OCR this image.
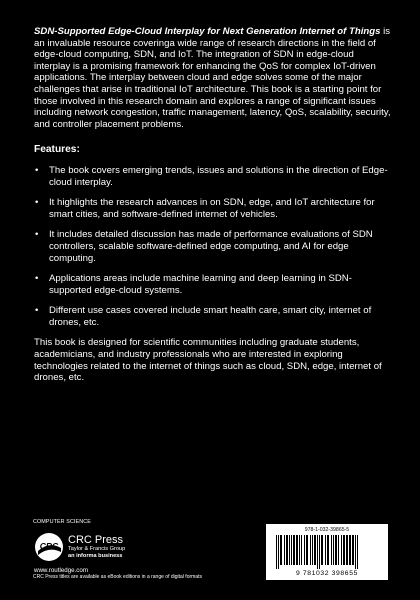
SDN-Supported Edge-Cloud Interplay for Next Generation Internet of Things is an invaluable resource coveringa wide range of research directions in the field of edge-cloud computing, SDN, and IoT. The integration of SDN in edge-cloud interplay is a promising framework for enhancing the QoS for complex IoT-driven applications. The interplay between cloud and edge solves some of the major challenges that arise in traditional IoT architecture. This book is a starting point for those involved in this research domain and explores a range of significant issues including network congestion, traffic management, latency, QoS, scalability, security, and controller placement problems.

Features:
• The book covers emerging trends, issues and solutions in the direction of Edge-cloud interplay.
• It highlights the research advances in on SDN, edge, and IoT architecture for smart cities, and software-defined internet of vehicles.
• It includes detailed discussion has made of performance evaluations of SDN controllers, scalable software-defined edge computing, and AI for edge computing.
• Applications areas include machine learning and deep learning in SDN-supported edge-cloud systems.
• Different use cases covered include smart health care, smart city, internet of drones, etc.

This book is designed for scientific communities including graduate students, academicians, and industry professionals who are interested in exploring technologies related to the internet of things such as cloud, SDN, edge, internet of drones, etc.

COMPUTER SCIENCE
CRC CRC Press
Taylor & Francis Group
an informa business
www.routledge.com
CRC Press titles are available as eBook editions in a range of digital formats
978-1-032-39865-5
9 781032 398655
